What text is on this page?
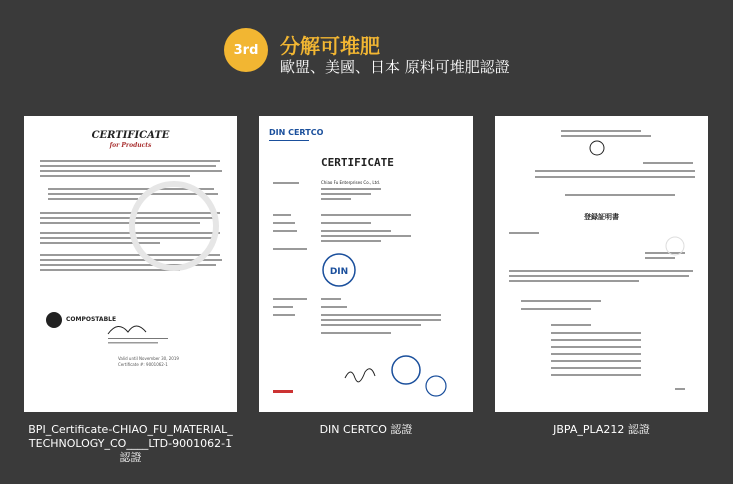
3rd	分解可堆肥
歐盟、美國、日本 原料可堆肥認證
CERTIFICATE
for Products
COMPOSTABLE
Valid until November 30, 2019
Certificate #: 9001062-1
DIN CERTCO
CERTIFICATE
Chiao Fu Enterprises Co., Ltd.
DIN
登録証明書
BPI_Certificate-CHIAO_FU_MATERIAL_ TECHNOLOGY_CO____LTD-9001062-1 認證
DIN CERTCO 認證	JBPA_PLA212 認證
